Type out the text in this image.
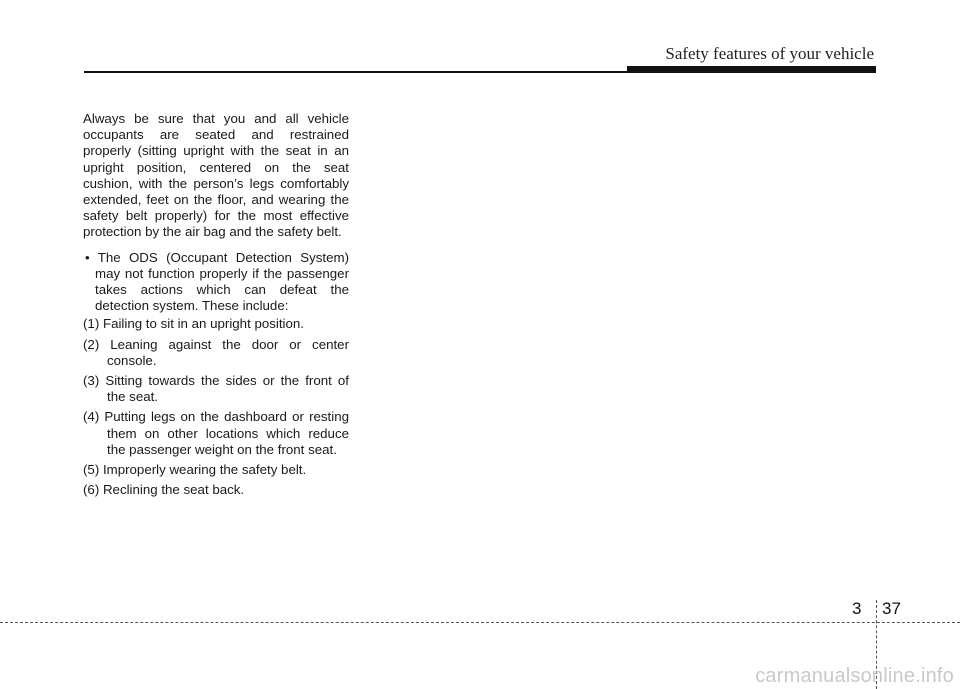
Safety features of your vehicle

Always be sure that you and all vehicle occupants are seated and restrained properly (sitting upright with the seat in an upright position, centered on the seat cushion, with the person’s legs comfortably extended, feet on the floor, and wearing the safety belt properly) for the most effective protection by the air bag and the safety belt.

• The ODS (Occupant Detection System) may not function properly if the passenger takes actions which can defeat the detection system. These include:

(1) Failing to sit in an upright position.
(2) Leaning against the door or center console.
(3) Sitting towards the sides or the front of the seat.
(4) Putting legs on the dashboard or resting them on other locations which reduce the passenger weight on the front seat.
(5) Improperly wearing the safety belt.
(6) Reclining the seat back.
3 37
carmanualsonline.info
